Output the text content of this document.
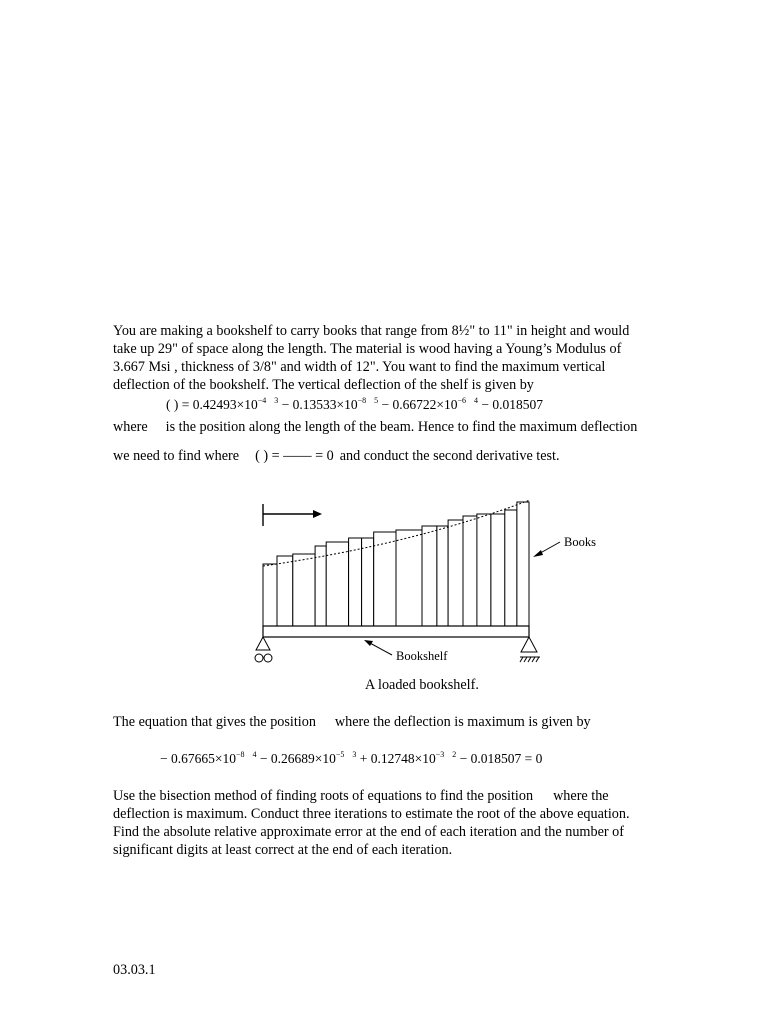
You are making a bookshelf to carry books that range from 8½" to 11" in height and would
take up 29" of space along the length. The material is wood having a Young’s Modulus of
3.667 Msi , thickness of 3/8" and width of 12". You want to find the maximum vertical
deflection of the bookshelf. The vertical deflection of the shelf is given by
( ) = $0.42493\times 10^{-4}$ $^3 - 0.13533\times 10^{-8}$ $^5 - 0.66722\times 10^{-6}$ $^4$ − 0.018507
where is the position along the length of the beam. Hence to find the maximum deflection
we need to find where ( ) = —— = 0 and conduct the second derivative test.
Books
Bookshelf
A loaded bookshelf.
The equation that gives the position where the deflection is maximum is given by
− $0.67665\times 10^{-8}$ $^4 - 0.26689\times 10^{-5}$ $^3 + 0.12748\times 10^{-3}$ $^2$ − 0.018507 = 0
Use the bisection method of finding roots of equations to find the position where the
deflection is maximum. Conduct three iterations to estimate the root of the above equation.
Find the absolute relative approximate error at the end of each iteration and the number of
significant digits at least correct at the end of each iteration.
03.03.1
